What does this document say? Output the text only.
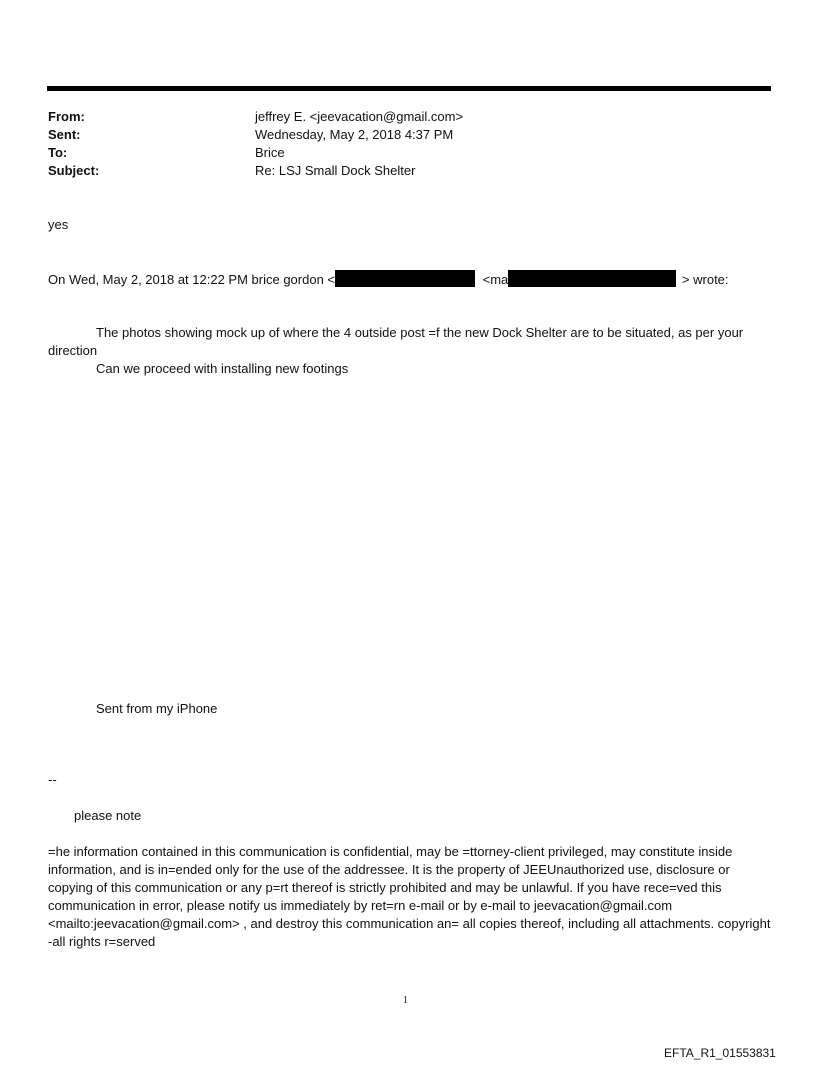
From:	jeffrey E. <jeevacation@gmail.com>
Sent:	Wednesday, May 2, 2018 4:37 PM
To:	Brice
Subject:	Re: LSJ Small Dock Shelter
yes
On Wed, May 2, 2018 at 12:22 PM brice gordon <	<ma	> wrote:
The photos showing mock up of where the 4 outside post =f the new Dock Shelter are to be situated, as per your
direction
Can we proceed with installing new footings
Sent from my iPhone
--
please note
=he information contained in this communication is confidential, may be =ttorney-client privileged, may constitute inside information, and is in=ended only for the use of the addressee. It is the property of JEEUnauthorized use, disclosure or copying of this communication or any p=rt thereof is strictly prohibited and may be unlawful. If you have rece=ved this communication in error, please notify us immediately by ret=rn e-mail or by e-mail to jeevacation@gmail.com <mailto:jeevacation@gmail.com> , and destroy this communication an= all copies thereof, including all attachments. copyright -all rights r=served
1
EFTA_R1_01553831
